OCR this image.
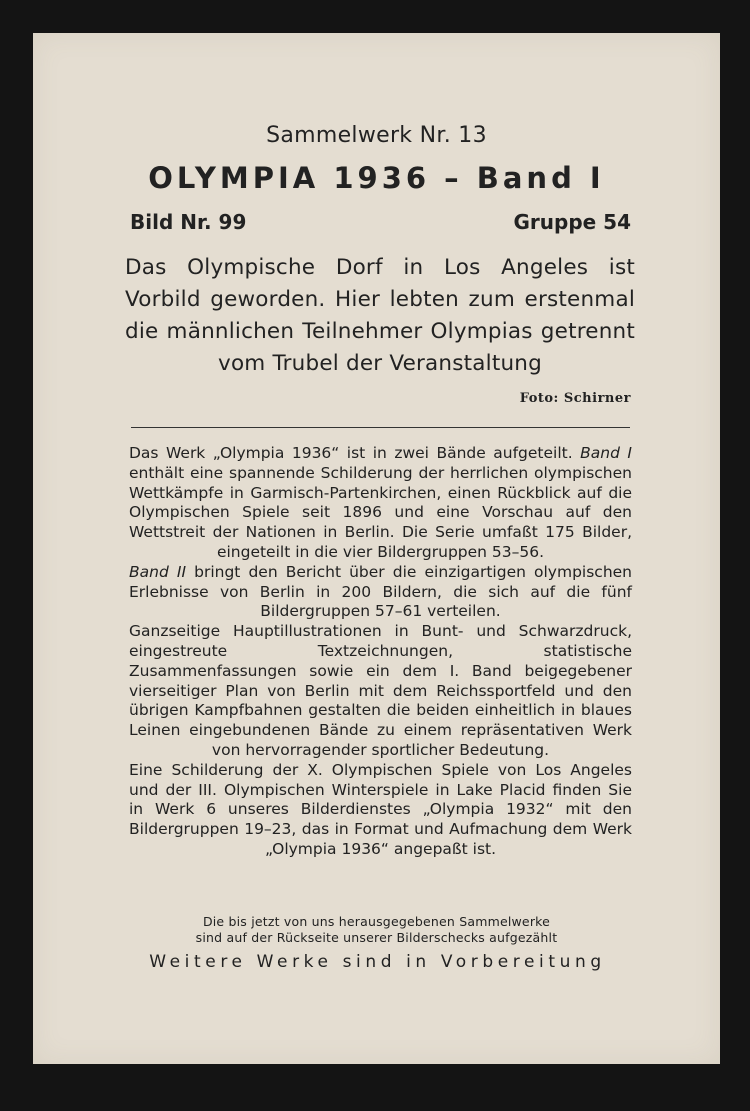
Sammelwerk Nr. 13
OLYMPIA 1936 – Band I
Bild Nr. 99	Gruppe 54
Das Olympische Dorf in Los Angeles ist Vorbild geworden. Hier lebten zum erstenmal die männlichen Teilnehmer Olympias getrennt vom Trubel der Veranstaltung
Foto: Schirner

Das Werk „Olympia 1936“ ist in zwei Bände aufgeteilt. Band I enthält eine spannende Schilderung der herrlichen olympischen Wettkämpfe in Garmisch-Partenkirchen, einen Rückblick auf die Olympischen Spiele seit 1896 und eine Vorschau auf den Wettstreit der Nationen in Berlin. Die Serie umfaßt 175 Bilder, eingeteilt in die vier Bildergruppen 53–56.

Band II bringt den Bericht über die einzigartigen olympischen Erlebnisse von Berlin in 200 Bildern, die sich auf die fünf Bildergruppen 57–61 verteilen.

Ganzseitige Hauptillustrationen in Bunt- und Schwarzdruck, eingestreute Textzeichnungen, statistische Zusammenfassungen sowie ein dem I. Band beigegebener vierseitiger Plan von Berlin mit dem Reichssportfeld und den übrigen Kampfbahnen gestalten die beiden einheitlich in blaues Leinen eingebundenen Bände zu einem repräsentativen Werk von hervorragender sportlicher Bedeutung.

Eine Schilderung der X. Olympischen Spiele von Los Angeles und der III. Olympischen Winterspiele in Lake Placid finden Sie in Werk 6 unseres Bilderdienstes „Olympia 1932“ mit den Bildergruppen 19–23, das in Format und Aufmachung dem Werk „Olympia 1936“ angepaßt ist.

Die bis jetzt von uns herausgegebenen Sammelwerke
sind auf der Rückseite unserer Bilderschecks aufgezählt
Weitere Werke sind in Vorbereitung
